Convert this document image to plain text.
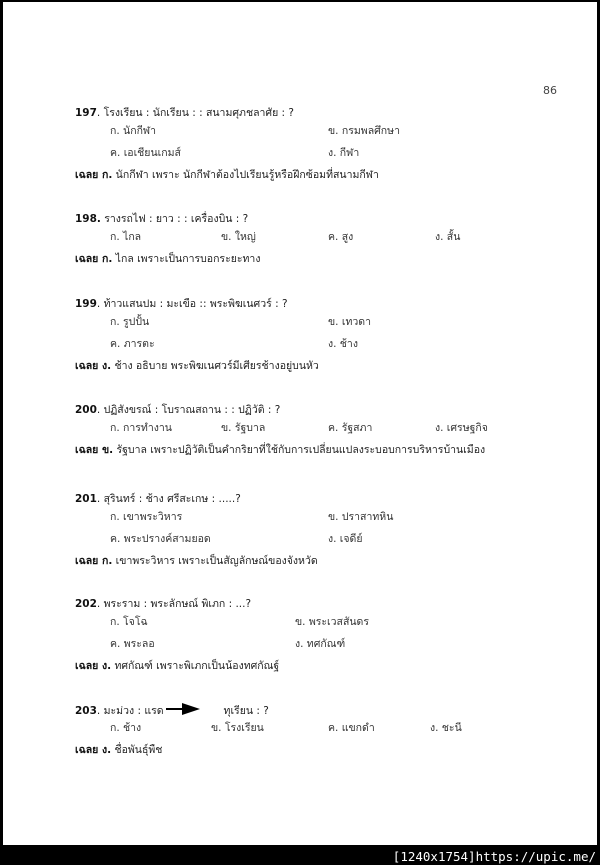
86
197. โรงเรียน : นักเรียน : : สนามศุภชลาศัย : ?
ก. นักกีฬา	ข. กรมพลศึกษา
ค. เอเชียนเกมส์	ง. กีฬา
เฉลย ก. นักกีฬา เพราะ นักกีฬาต้องไปเรียนรู้หรือฝึกซ้อมที่สนามกีฬา
198. รางรถไฟ : ยาว : : เครื่องบิน : ?
ก. ไกล	ข. ใหญ่	ค. สูง	ง. สั้น
เฉลย ก. ไกล เพราะเป็นการบอกระยะทาง
199. ท้าวแสนปม : มะเขือ :: พระพิฆเนศวร์ : ?
ก. รูปปั้น	ข. เทวดา
ค. ภารตะ	ง. ช้าง
เฉลย ง. ช้าง อธิบาย พระพิฆเนศวร์มีเศียรช้างอยู่บนหัว
200. ปฏิสังขรณ์ : โบราณสถาน : : ปฏิวัติ : ?
ก. การทำงาน	ข. รัฐบาล	ค. รัฐสภา	ง. เศรษฐกิจ
เฉลย ข. รัฐบาล เพราะปฏิวัติเป็นคำกริยาที่ใช้กับการเปลี่ยนแปลงระบอบการบริหารบ้านเมือง
201. สุรินทร์ : ช้าง ศรีสะเกษ : .....?
ก. เขาพระวิหาร	ข. ปราสาทหิน
ค. พระปรางค์สามยอด	ง. เจดีย์
เฉลย ก. เขาพระวิหาร เพราะเป็นสัญลักษณ์ของจังหวัด
202. พระราม : พระลักษณ์ พิเภก : ...?
ก. โจโฉ	ข. พระเวสสันดร
ค. พระลอ	ง. ทศกัณฑ์
เฉลย ง. ทศกัณฑ์ เพราะพิเภกเป็นน้องทศกัณฐ์
203. มะม่วง : แรด	ทุเรียน : ?
ก. ช้าง	ข. โรงเรียน	ค. แขกดำ	ง. ชะนี
เฉลย ง. ชื่อพันธุ์พืช
[1240x1754]https://upic.me/
